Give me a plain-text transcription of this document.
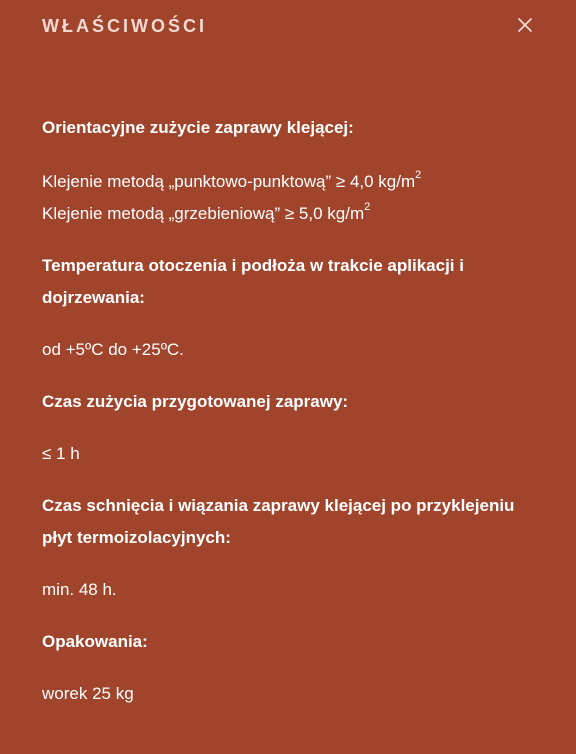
WŁAŚCIWOŚCI
Orientacyjne zużycie zaprawy klejącej:
Klejenie metodą „punktowo-punktową” ≥ 4,0 $kg/m^2$
Klejenie metodą „grzebieniową” ≥ 5,0 $kg/m^2$
Temperatura otoczenia i podłoża w trakcie aplikacji i dojrzewania:
od +5ºC do +25ºC.
Czas zużycia przygotowanej zaprawy:
≤ 1 h
Czas schnięcia i wiązania zaprawy klejącej po przyklejeniu płyt termoizolacyjnych:
min. 48 h.
Opakowania:
worek 25 kg
